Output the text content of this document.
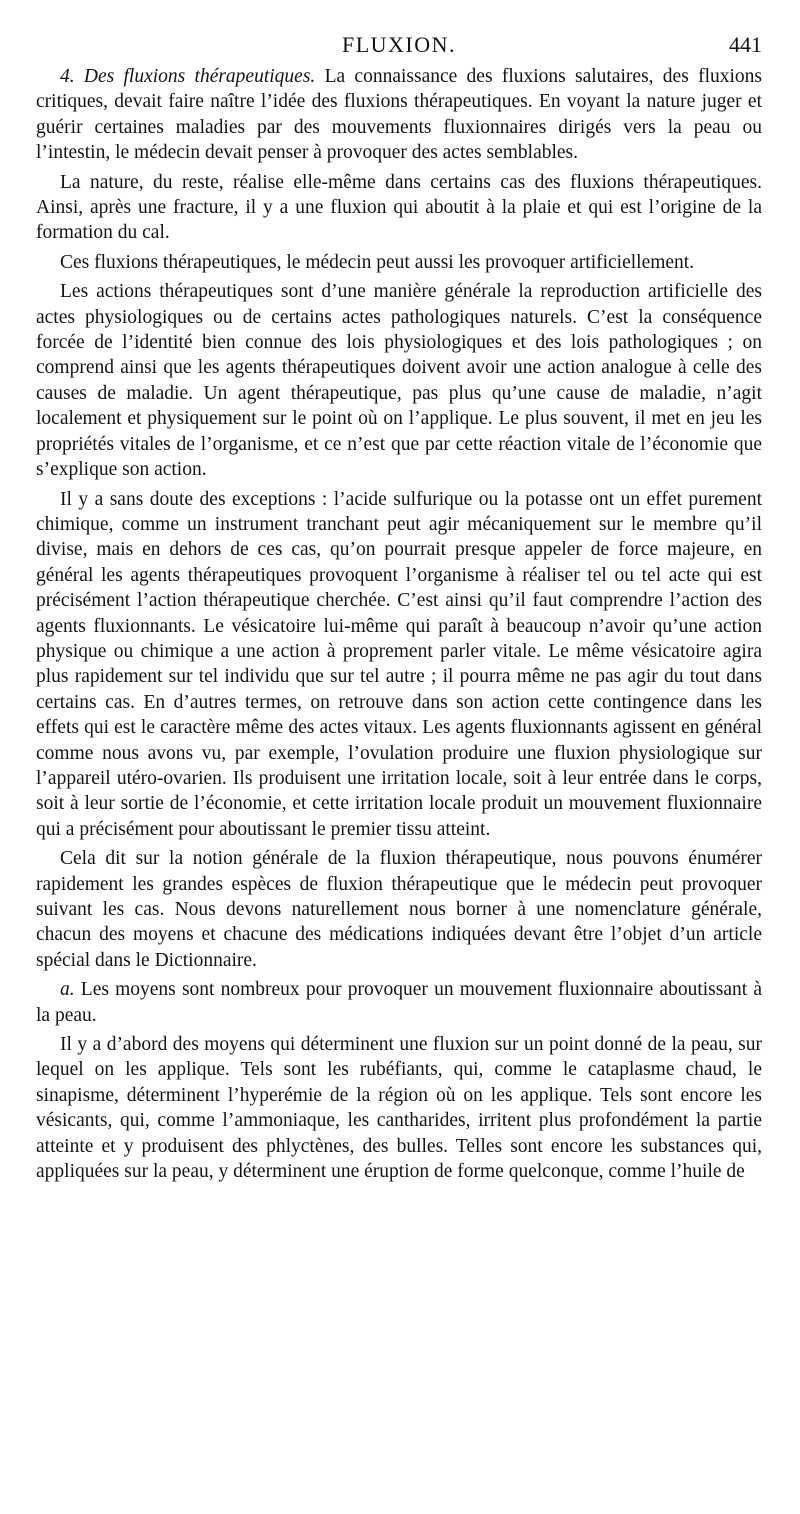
FLUXION.	441

4. Des fluxions thérapeutiques. La connaissance des fluxions salutaires, des fluxions critiques, devait faire naître l’idée des fluxions thérapeutiques. En voyant la nature juger et guérir certaines maladies par des mouvements fluxionnaires dirigés vers la peau ou l’intestin, le médecin devait penser à provoquer des actes semblables.

La nature, du reste, réalise elle-même dans certains cas des fluxions thérapeutiques. Ainsi, après une fracture, il y a une fluxion qui aboutit à la plaie et qui est l’origine de la formation du cal.

Ces fluxions thérapeutiques, le médecin peut aussi les provoquer artificiellement.

Les actions thérapeutiques sont d’une manière générale la reproduction artificielle des actes physiologiques ou de certains actes pathologiques naturels. C’est la conséquence forcée de l’identité bien connue des lois physiologiques et des lois pathologiques ; on comprend ainsi que les agents thérapeutiques doivent avoir une action analogue à celle des causes de maladie. Un agent thérapeutique, pas plus qu’une cause de maladie, n’agit localement et physiquement sur le point où on l’applique. Le plus souvent, il met en jeu les propriétés vitales de l’organisme, et ce n’est que par cette réaction vitale de l’économie que s’explique son action.

Il y a sans doute des exceptions : l’acide sulfurique ou la potasse ont un effet purement chimique, comme un instrument tranchant peut agir mécaniquement sur le membre qu’il divise, mais en dehors de ces cas, qu’on pourrait presque appeler de force majeure, en général les agents thérapeutiques provoquent l’organisme à réaliser tel ou tel acte qui est précisément l’action thérapeutique cherchée. C’est ainsi qu’il faut comprendre l’action des agents fluxionnants. Le vésicatoire lui-même qui paraît à beaucoup n’avoir qu’une action physique ou chimique a une action à proprement parler vitale. Le même vésicatoire agira plus rapidement sur tel individu que sur tel autre ; il pourra même ne pas agir du tout dans certains cas. En d’autres termes, on retrouve dans son action cette contingence dans les effets qui est le caractère même des actes vitaux. Les agents fluxionnants agissent en général comme nous avons vu, par exemple, l’ovulation produire une fluxion physiologique sur l’appareil utéro-ovarien. Ils produisent une irritation locale, soit à leur entrée dans le corps, soit à leur sortie de l’économie, et cette irritation locale produit un mouvement fluxionnaire qui a précisément pour aboutissant le premier tissu atteint.

Cela dit sur la notion générale de la fluxion thérapeutique, nous pouvons énumérer rapidement les grandes espèces de fluxion thérapeutique que le médecin peut provoquer suivant les cas. Nous devons naturellement nous borner à une nomenclature générale, chacun des moyens et chacune des médications indiquées devant être l’objet d’un article spécial dans le Dictionnaire.

a. Les moyens sont nombreux pour provoquer un mouvement fluxionnaire aboutissant à la peau.

Il y a d’abord des moyens qui déterminent une fluxion sur un point donné de la peau, sur lequel on les applique. Tels sont les rubéfiants, qui, comme le cataplasme chaud, le sinapisme, déterminent l’hyperémie de la région où on les applique. Tels sont encore les vésicants, qui, comme l’ammoniaque, les cantharides, irritent plus profondément la partie atteinte et y produisent des phlyctènes, des bulles. Telles sont encore les substances qui, appliquées sur la peau, y déterminent une éruption de forme quelconque, comme l’huile de
